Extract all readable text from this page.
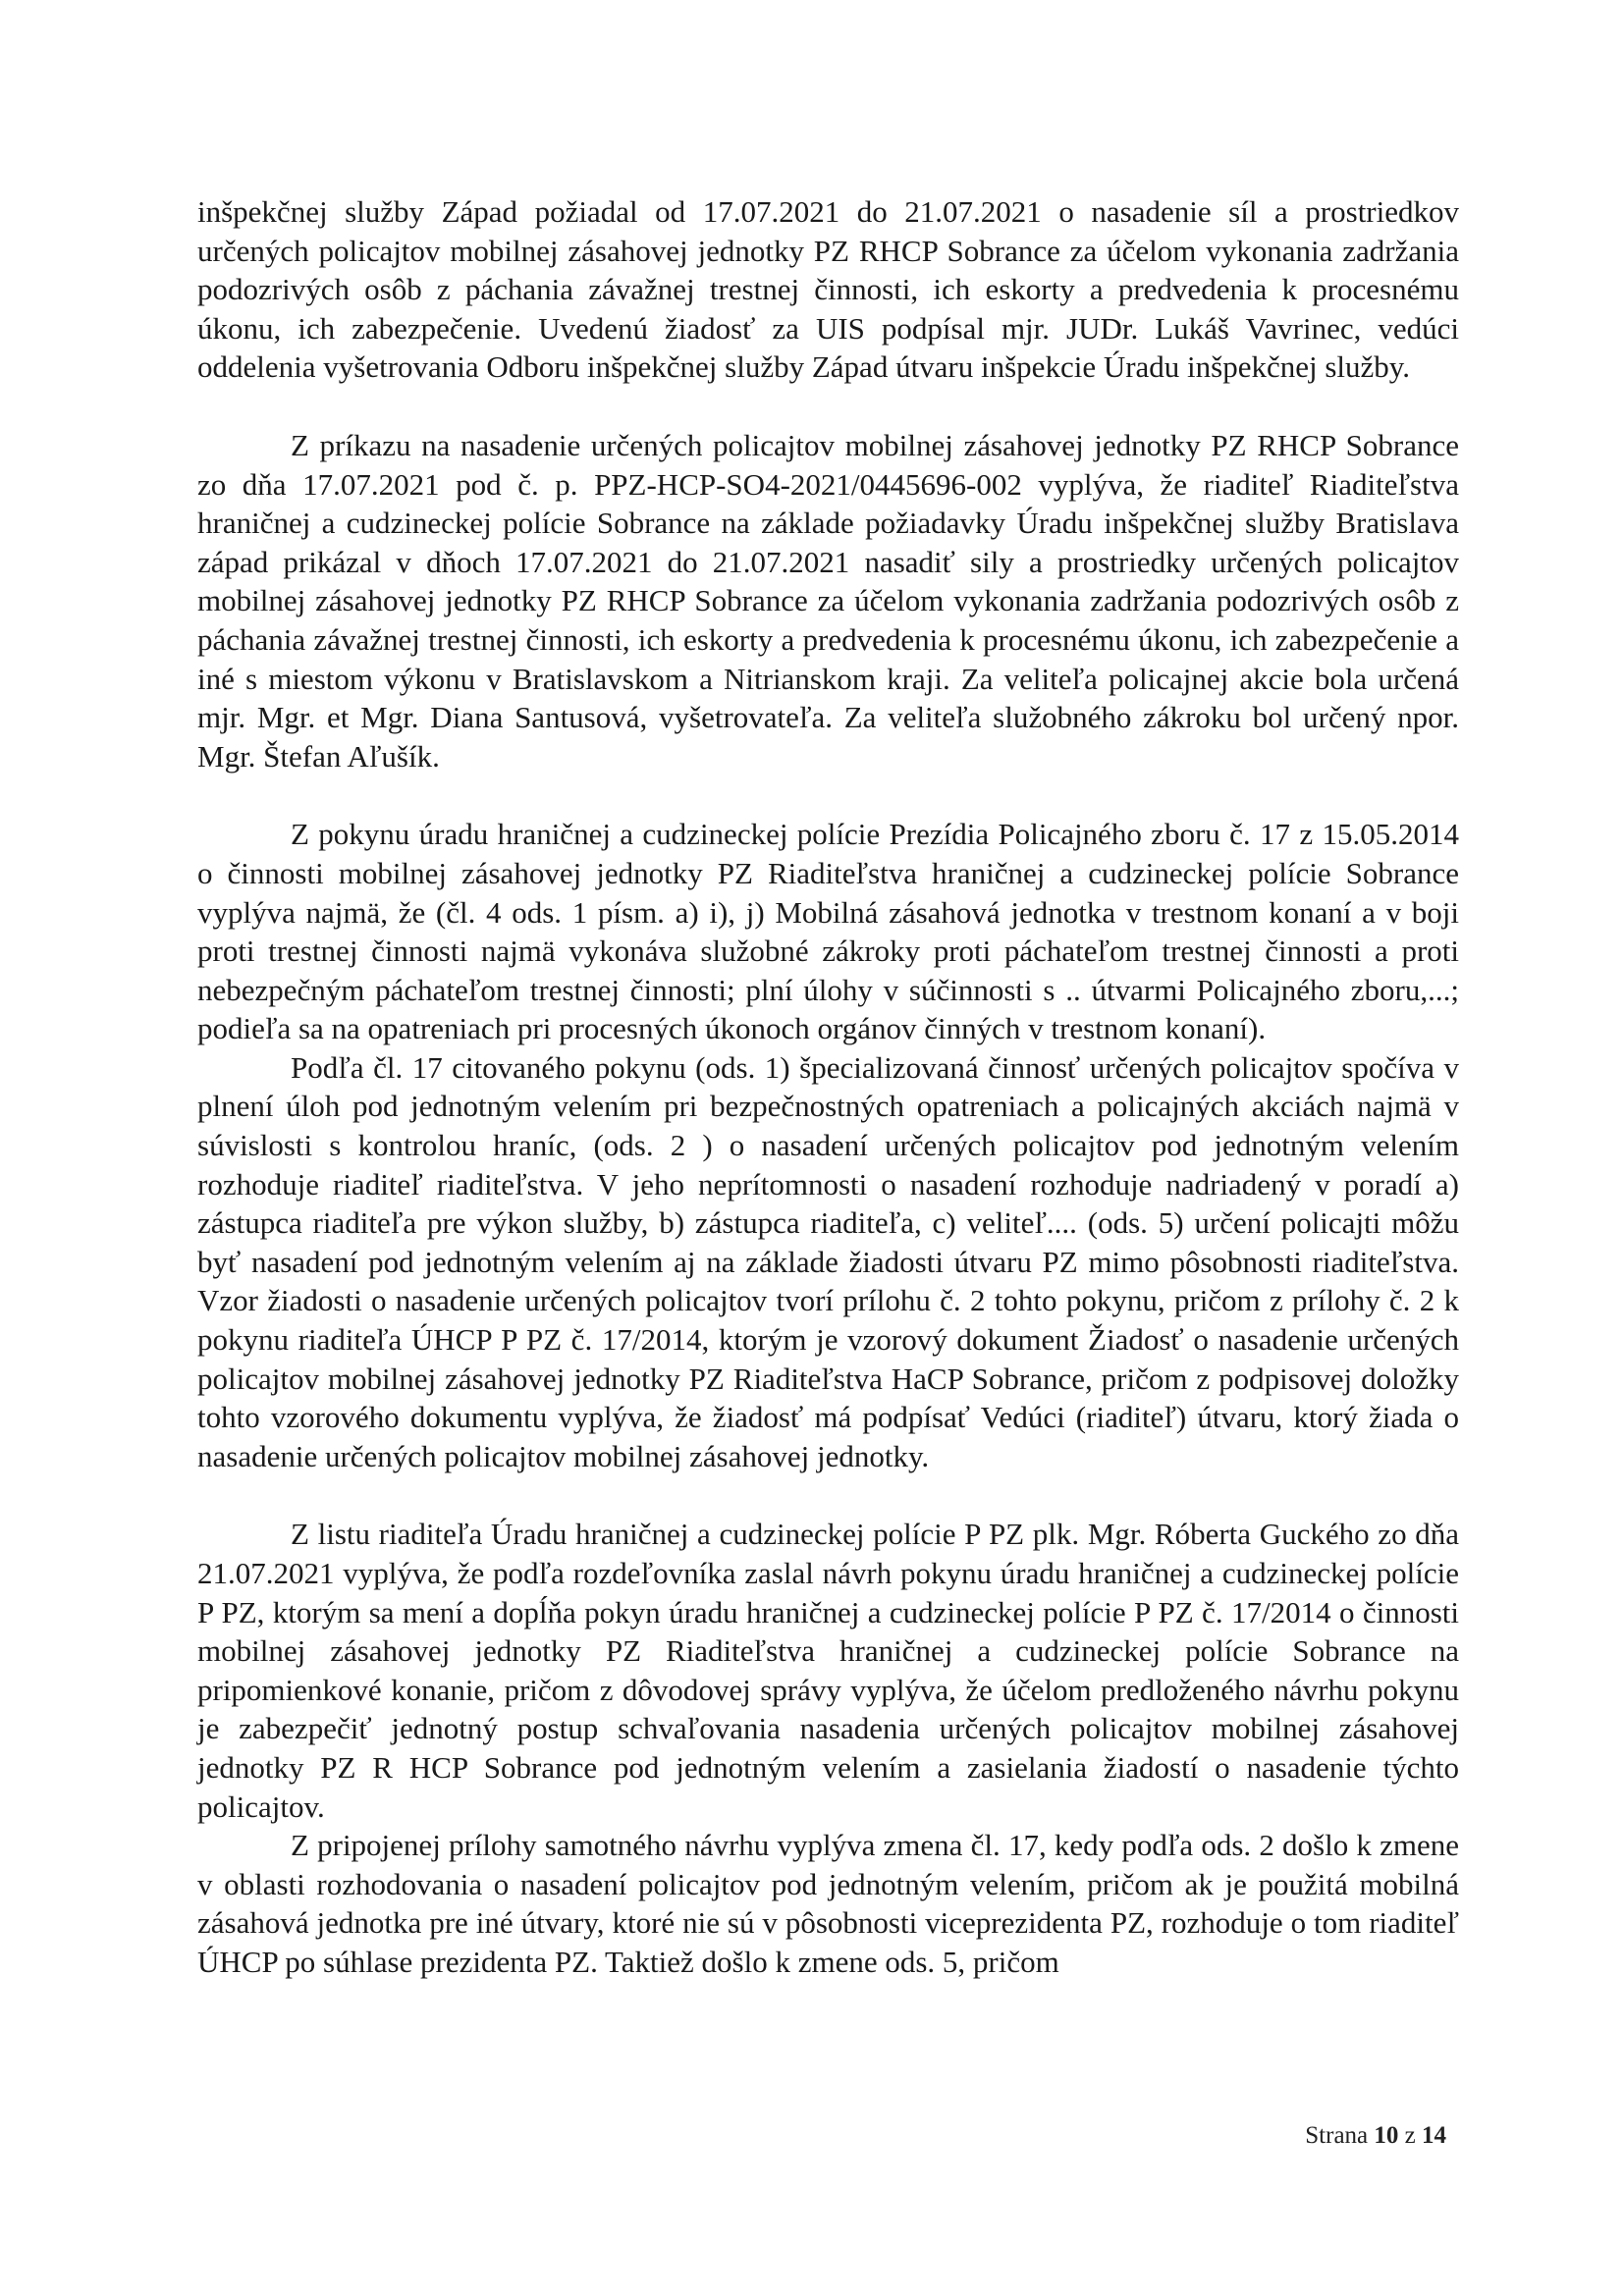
inšpekčnej služby Západ požiadal od 17.07.2021 do 21.07.2021 o nasadenie síl a prostriedkov určených policajtov mobilnej zásahovej jednotky PZ RHCP Sobrance za účelom vykonania zadržania podozrivých osôb z páchania závažnej trestnej činnosti, ich eskorty a predvedenia k procesnému úkonu, ich zabezpečenie. Uvedenú žiadosť za UIS podpísal mjr. JUDr. Lukáš Vavrinec, vedúci oddelenia vyšetrovania Odboru inšpekčnej služby Západ útvaru inšpekcie Úradu inšpekčnej služby.

Z príkazu na nasadenie určených policajtov mobilnej zásahovej jednotky PZ RHCP Sobrance zo dňa 17.07.2021 pod č. p. PPZ-HCP-SO4-2021/0445696-002 vyplýva, že riaditeľ Riaditeľstva hraničnej a cudzineckej polície Sobrance na základe požiadavky Úradu inšpekčnej služby Bratislava západ prikázal v dňoch 17.07.2021 do 21.07.2021 nasadiť sily a prostriedky určených policajtov mobilnej zásahovej jednotky PZ RHCP Sobrance za účelom vykonania zadržania podozrivých osôb z páchania závažnej trestnej činnosti, ich eskorty a predvedenia k procesnému úkonu, ich zabezpečenie a iné s miestom výkonu v Bratislavskom a Nitrianskom kraji. Za veliteľa policajnej akcie bola určená mjr. Mgr. et Mgr. Diana Santusová, vyšetrovateľa. Za veliteľa služobného zákroku bol určený npor. Mgr. Štefan Aľušík.

Z pokynu úradu hraničnej a cudzineckej polície Prezídia Policajného zboru č. 17 z 15.05.2014 o činnosti mobilnej zásahovej jednotky PZ Riaditeľstva hraničnej a cudzineckej polície Sobrance vyplýva najmä, že (čl. 4 ods. 1 písm. a) i), j) Mobilná zásahová jednotka v trestnom konaní a v boji proti trestnej činnosti najmä vykonáva služobné zákroky proti páchateľom trestnej činnosti a proti nebezpečným páchateľom trestnej činnosti; plní úlohy v súčinnosti s .. útvarmi Policajného zboru,...; podieľa sa na opatreniach pri procesných úkonoch orgánov činných v trestnom konaní).

Podľa čl. 17 citovaného pokynu (ods. 1) špecializovaná činnosť určených policajtov spočíva v plnení úloh pod jednotným velením pri bezpečnostných opatreniach a policajných akciách najmä v súvislosti s kontrolou hraníc, (ods. 2 ) o nasadení určených policajtov pod jednotným velením rozhoduje riaditeľ riaditeľstva. V jeho neprítomnosti o nasadení rozhoduje nadriadený v poradí a) zástupca riaditeľa pre výkon služby, b) zástupca riaditeľa, c) veliteľ.... (ods. 5) určení policajti môžu byť nasadení pod jednotným velením aj na základe žiadosti útvaru PZ mimo pôsobnosti riaditeľstva. Vzor žiadosti o nasadenie určených policajtov tvorí prílohu č. 2 tohto pokynu, pričom z prílohy č. 2 k pokynu riaditeľa ÚHCP P PZ č. 17/2014, ktorým je vzorový dokument Žiadosť o nasadenie určených policajtov mobilnej zásahovej jednotky PZ Riaditeľstva HaCP Sobrance, pričom z podpisovej doložky tohto vzorového dokumentu vyplýva, že žiadosť má podpísať Vedúci (riaditeľ) útvaru, ktorý žiada o nasadenie určených policajtov mobilnej zásahovej jednotky.

Z listu riaditeľa Úradu hraničnej a cudzineckej polície P PZ plk. Mgr. Róberta Guckého zo dňa 21.07.2021 vyplýva, že podľa rozdeľovníka zaslal návrh pokynu úradu hraničnej a cudzineckej polície P PZ, ktorým sa mení a dopĺňa pokyn úradu hraničnej a cudzineckej polície P PZ č. 17/2014 o činnosti mobilnej zásahovej jednotky PZ Riaditeľstva hraničnej a cudzineckej polície Sobrance na pripomienkové konanie, pričom z dôvodovej správy vyplýva, že účelom predloženého návrhu pokynu je zabezpečiť jednotný postup schvaľovania nasadenia určených policajtov mobilnej zásahovej jednotky PZ R HCP Sobrance pod jednotným velením a zasielania žiadostí o nasadenie týchto policajtov.

Z pripojenej prílohy samotného návrhu vyplýva zmena čl. 17, kedy podľa ods. 2 došlo k zmene v oblasti rozhodovania o nasadení policajtov pod jednotným velením, pričom ak je použitá mobilná zásahová jednotka pre iné útvary, ktoré nie sú v pôsobnosti viceprezidenta PZ, rozhoduje o tom riaditeľ ÚHCP po súhlase prezidenta PZ. Taktiež došlo k zmene ods. 5, pričom

Strana 10 z 14
